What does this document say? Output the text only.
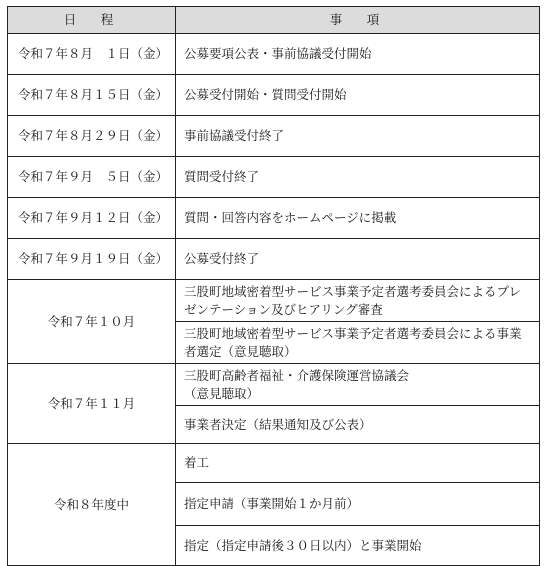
日　程	事　項
令和７年８月　１日（金）	公募要項公表・事前協議受付開始
令和７年８月１５日（金）	公募受付開始・質問受付開始
令和７年８月２９日（金）	事前協議受付終了
令和７年９月　５日（金）	質問受付終了
令和７年９月１２日（金）	質問・回答内容をホームページに掲載
令和７年９月１９日（金）	公募受付終了
令和７年１０月	三股町地域密着型サービス事業予定者選考委員会によるプレゼンテーション及びヒアリング審査
	三股町地域密着型サービス事業予定者選考委員会による事業者選定（意見聴取）
令和７年１１月	三股町高齢者福祉・介護保険運営協議会
（意見聴取）
	事業者決定（結果通知及び公表）
令和８年度中	着工
	指定申請（事業開始１か月前）
	指定（指定申請後３０日以内）と事業開始
